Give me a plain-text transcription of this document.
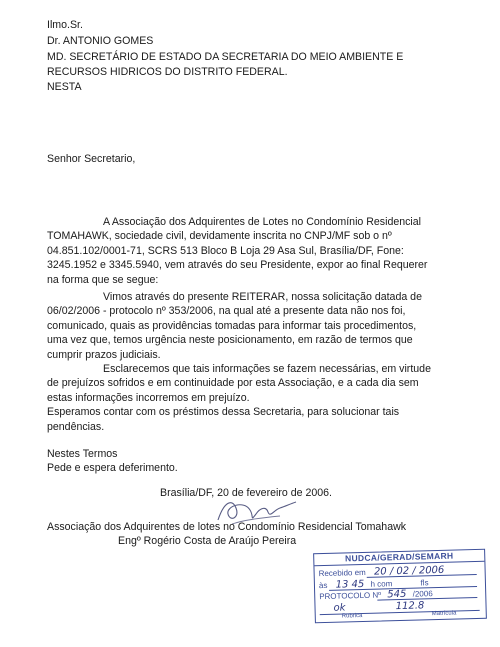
Ilmo.Sr.
Dr. ANTONIO GOMES
MD. SECRETÁRIO DE ESTADO DA SECRETARIA DO MEIO AMBIENTE E
RECURSOS HIDRICOS DO DISTRITO FEDERAL.
NESTA
Senhor Secretario,
A Associação dos Adquirentes de Lotes no Condomínio Residencial
TOMAHAWK, sociedade civil, devidamente inscrita no CNPJ/MF sob o nº
04.851.102/0001-71, SCRS 513 Bloco B Loja 29 Asa Sul, Brasília/DF, Fone:
3245.1952 e 3345.5940, vem através do seu Presidente, expor ao final Requerer
na forma que se segue:
Vimos através do presente REITERAR, nossa solicitação datada de
06/02/2006 - protocolo nº 353/2006, na qual até a presente data não nos foi,
comunicado, quais as providências tomadas para informar tais procedimentos,
uma vez que, temos urgência neste posicionamento, em razão de termos que
cumprir prazos judiciais.
Esclarecemos que tais informações se fazem necessárias, em virtude
de prejuízos sofridos e em continuidade por esta Associação, e a cada dia sem
estas informações incorremos em prejuízo.
Esperamos contar com os préstimos dessa Secretaria, para solucionar tais
pendências.
Nestes Termos
Pede e espera deferimento.
Brasília/DF, 20 de fevereiro de 2006.
Associação dos Adquirentes de lotes no Condomínio Residencial Tomahawk
Engº Rogério Costa de Araújo Pereira
NUDCA/GERAD/SEMARH
Recebido em 20 / 02 / 2006
às 13 45 h com	fls
PROTOCOLO Nº 545 /2006
ok	112.8
Rubrica	Matrícula
